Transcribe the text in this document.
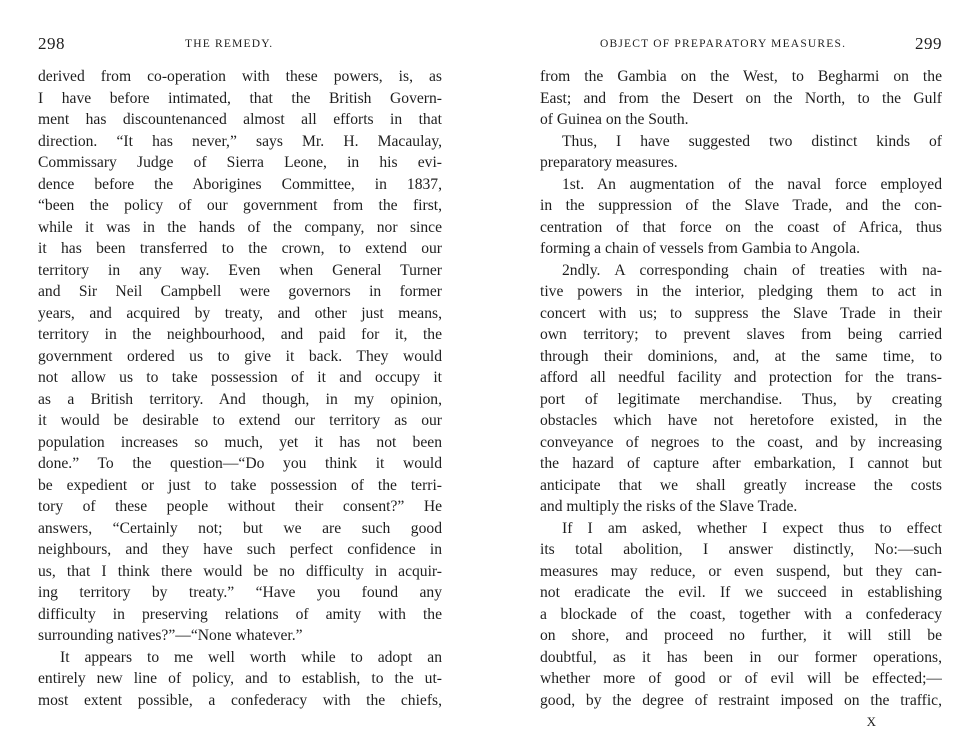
298	THE REMEDY.
derived from co-operation with these powers, is, as
I have before intimated, that the British Govern-
ment has discountenanced almost all efforts in that
direction. “It has never,” says Mr. H. Macaulay,
Commissary Judge of Sierra Leone, in his evi-
dence before the Aborigines Committee, in 1837,
“been the policy of our government from the first,
while it was in the hands of the company, nor since
it has been transferred to the crown, to extend our
territory in any way. Even when General Turner
and Sir Neil Campbell were governors in former
years, and acquired by treaty, and other just means,
territory in the neighbourhood, and paid for it, the
government ordered us to give it back. They would
not allow us to take possession of it and occupy it
as a British territory. And though, in my opinion,
it would be desirable to extend our territory as our
population increases so much, yet it has not been
done.” To the question—“Do you think it would
be expedient or just to take possession of the terri-
tory of these people without their consent?” He
answers, “Certainly not; but we are such good
neighbours, and they have such perfect confidence in
us, that I think there would be no difficulty in acquir-
ing territory by treaty.” “Have you found any
difficulty in preserving relations of amity with the
surrounding natives?”—“None whatever.”
It appears to me well worth while to adopt an
entirely new line of policy, and to establish, to the ut-
most extent possible, a confederacy with the chiefs,
OBJECT OF PREPARATORY MEASURES.	299
from the Gambia on the West, to Begharmi on the
East; and from the Desert on the North, to the Gulf
of Guinea on the South.
Thus, I have suggested two distinct kinds of
preparatory measures.
1st. An augmentation of the naval force employed
in the suppression of the Slave Trade, and the con-
centration of that force on the coast of Africa, thus
forming a chain of vessels from Gambia to Angola.
2ndly. A corresponding chain of treaties with na-
tive powers in the interior, pledging them to act in
concert with us; to suppress the Slave Trade in their
own territory; to prevent slaves from being carried
through their dominions, and, at the same time, to
afford all needful facility and protection for the trans-
port of legitimate merchandise. Thus, by creating
obstacles which have not heretofore existed, in the
conveyance of negroes to the coast, and by increasing
the hazard of capture after embarkation, I cannot but
anticipate that we shall greatly increase the costs
and multiply the risks of the Slave Trade.
If I am asked, whether I expect thus to effect
its total abolition, I answer distinctly, No:—such
measures may reduce, or even suspend, but they can-
not eradicate the evil. If we succeed in establishing
a blockade of the coast, together with a confederacy
on shore, and proceed no further, it will still be
doubtful, as it has been in our former operations,
whether more of good or of evil will be effected;—
good, by the degree of restraint imposed on the traffic,
X
